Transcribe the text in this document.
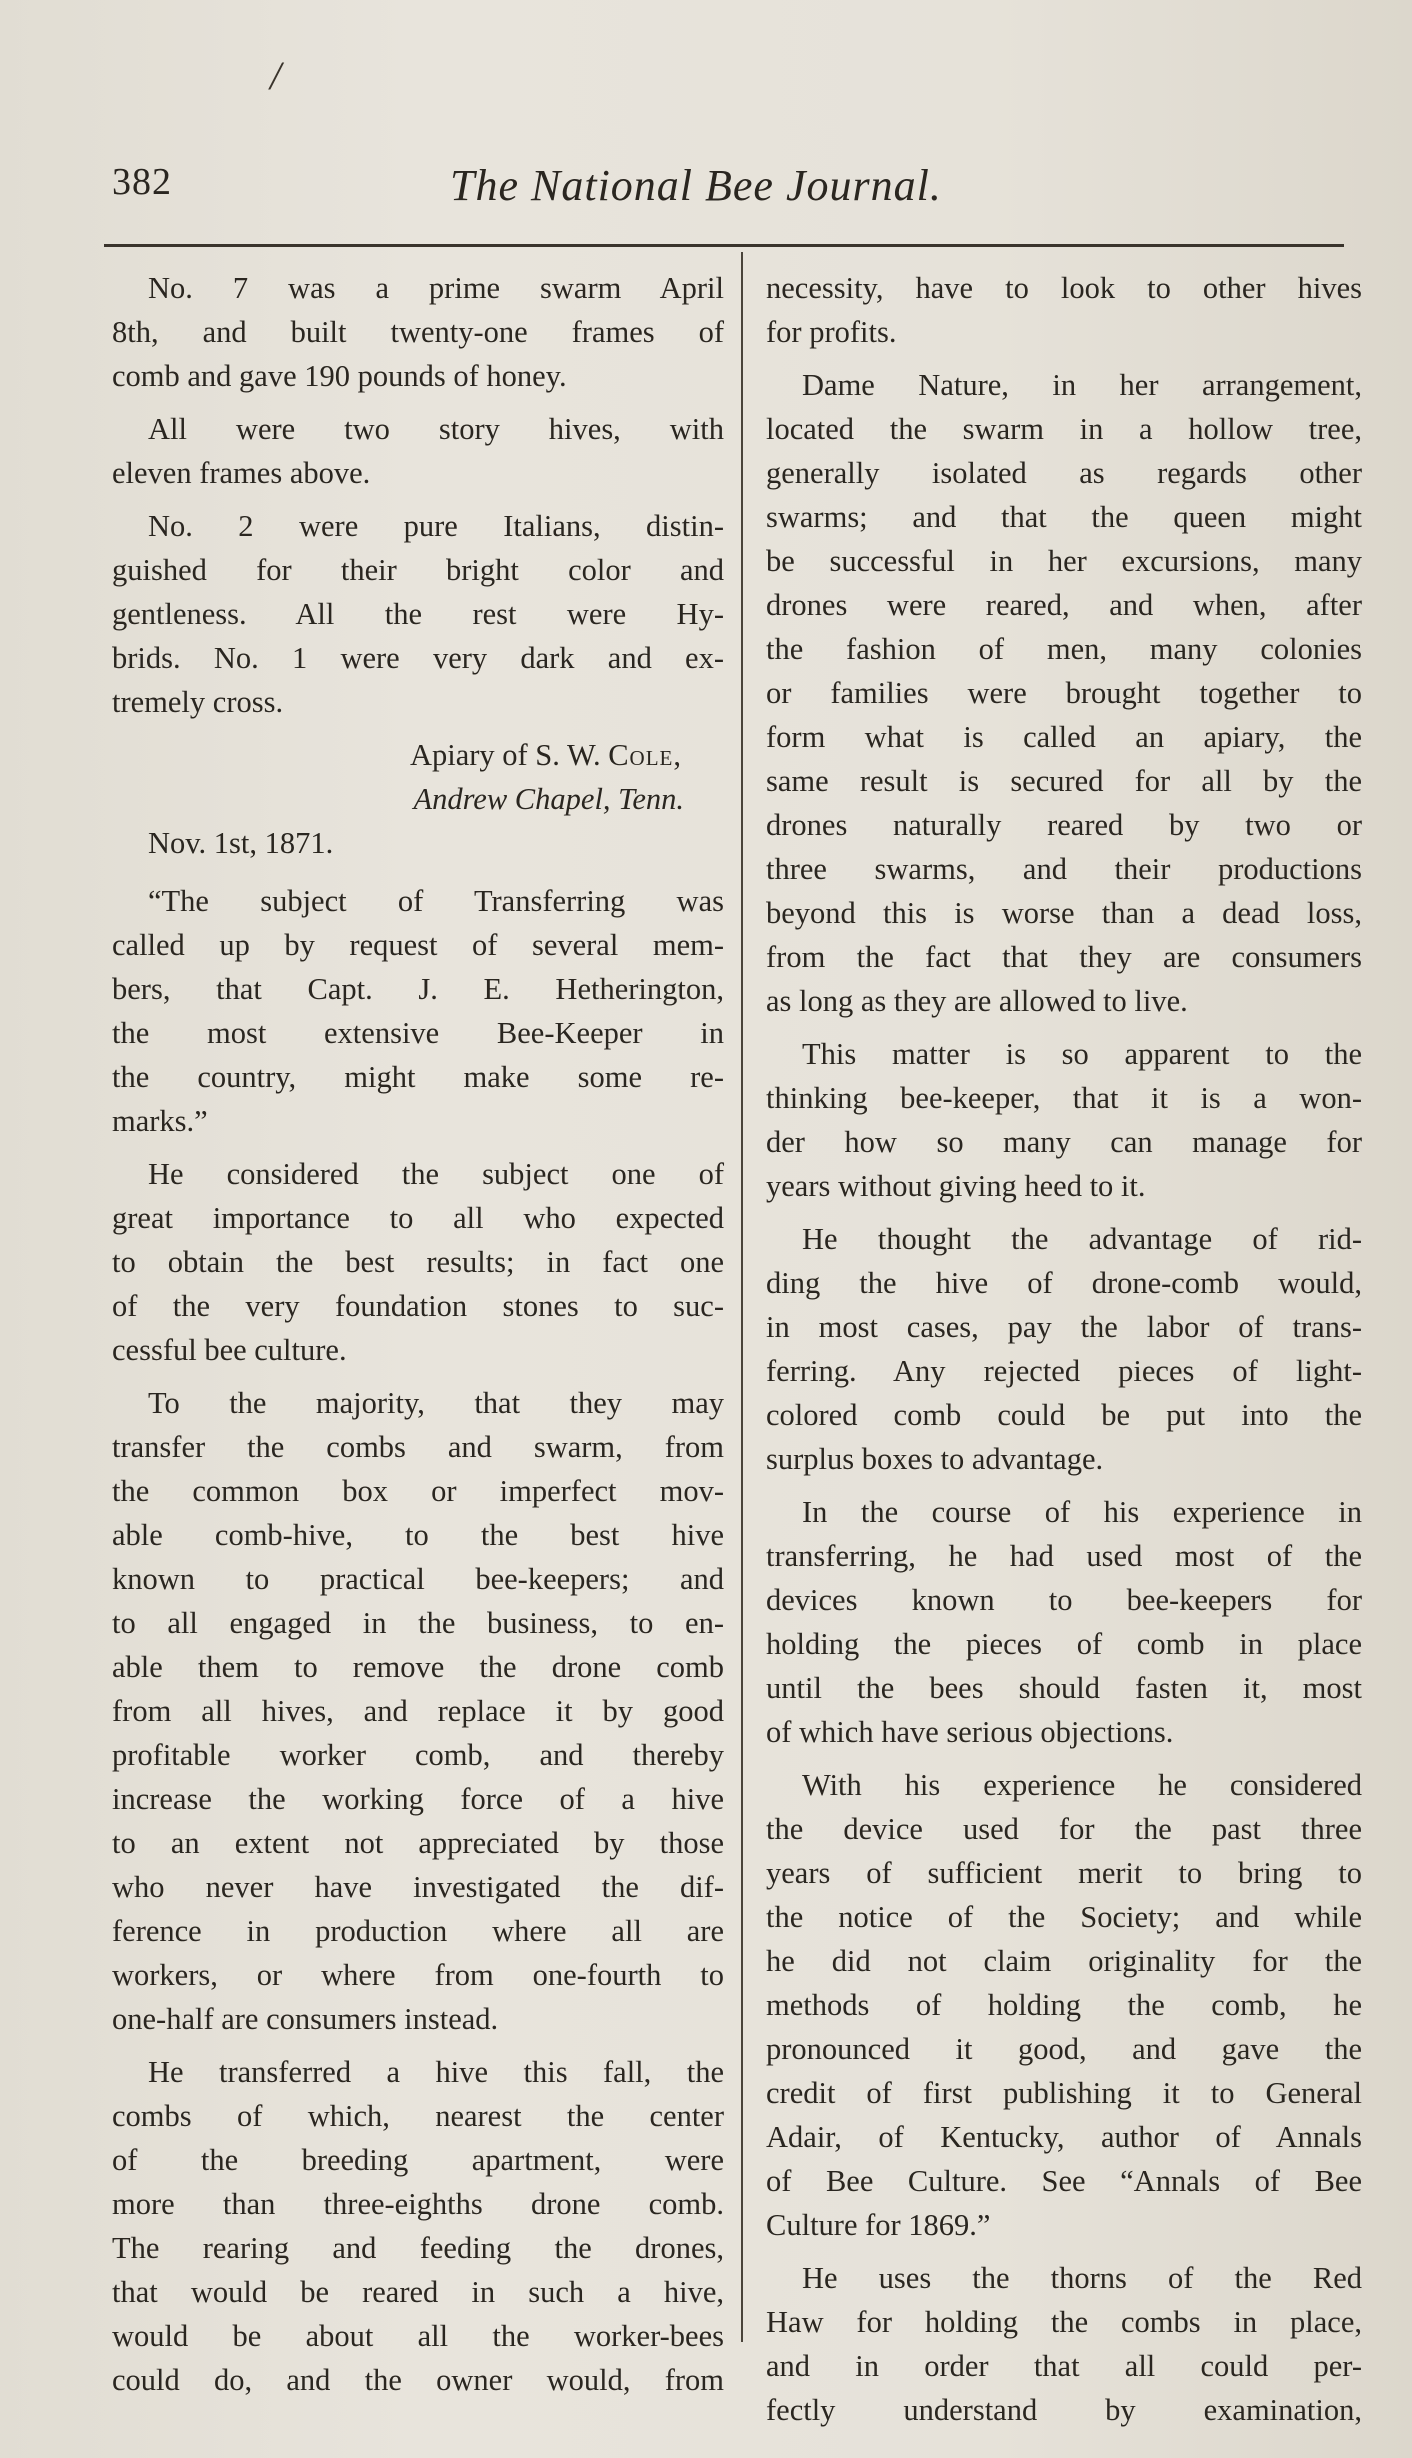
/
382	The National Bee Journal.

No. 7 was a prime swarm April
8th, and built twenty-one frames of
comb and gave 190 pounds of honey.

All were two story hives, with
eleven frames above.

No. 2 were pure Italians, distin-
guished for their bright color and
gentleness. All the rest were Hy-
brids. No. 1 were very dark and ex-
tremely cross.

Apiary of S. W. Cole,
Andrew Chapel, Tenn.
Nov. 1st, 1871.

“The subject of Transferring was
called up by request of several mem-
bers, that Capt. J. E. Hetherington,
the most extensive Bee-Keeper in
the country, might make some re-
marks.”

He considered the subject one of
great importance to all who expected
to obtain the best results; in fact one
of the very foundation stones to suc-
cessful bee culture.

To the majority, that they may
transfer the combs and swarm, from
the common box or imperfect mov-
able comb-hive, to the best hive
known to practical bee-keepers; and
to all engaged in the business, to en-
able them to remove the drone comb
from all hives, and replace it by good
profitable worker comb, and thereby
increase the working force of a hive
to an extent not appreciated by those
who never have investigated the dif-
ference in production where all are
workers, or where from one-fourth to
one-half are consumers instead.

He transferred a hive this fall, the
combs of which, nearest the center
of the breeding apartment, were
more than three-eighths drone comb.
The rearing and feeding the drones,
that would be reared in such a hive,
would be about all the worker-bees
could do, and the owner would, from

necessity, have to look to other hives
for profits.

Dame Nature, in her arrangement,
located the swarm in a hollow tree,
generally isolated as regards other
swarms; and that the queen might
be successful in her excursions, many
drones were reared, and when, after
the fashion of men, many colonies
or families were brought together to
form what is called an apiary, the
same result is secured for all by the
drones naturally reared by two or
three swarms, and their productions
beyond this is worse than a dead loss,
from the fact that they are consumers
as long as they are allowed to live.

This matter is so apparent to the
thinking bee-keeper, that it is a won-
der how so many can manage for
years without giving heed to it.

He thought the advantage of rid-
ding the hive of drone-comb would,
in most cases, pay the labor of trans-
ferring. Any rejected pieces of light-
colored comb could be put into the
surplus boxes to advantage.

In the course of his experience in
transferring, he had used most of the
devices known to bee-keepers for
holding the pieces of comb in place
until the bees should fasten it, most
of which have serious objections.

With his experience he considered
the device used for the past three
years of sufficient merit to bring to
the notice of the Society; and while
he did not claim originality for the
methods of holding the comb, he
pronounced it good, and gave the
credit of first publishing it to General
Adair, of Kentucky, author of Annals
of Bee Culture. See “Annals of Bee
Culture for 1869.”

He uses the thorns of the Red
Haw for holding the combs in place,
and in order that all could per-
fectly understand by examination,
